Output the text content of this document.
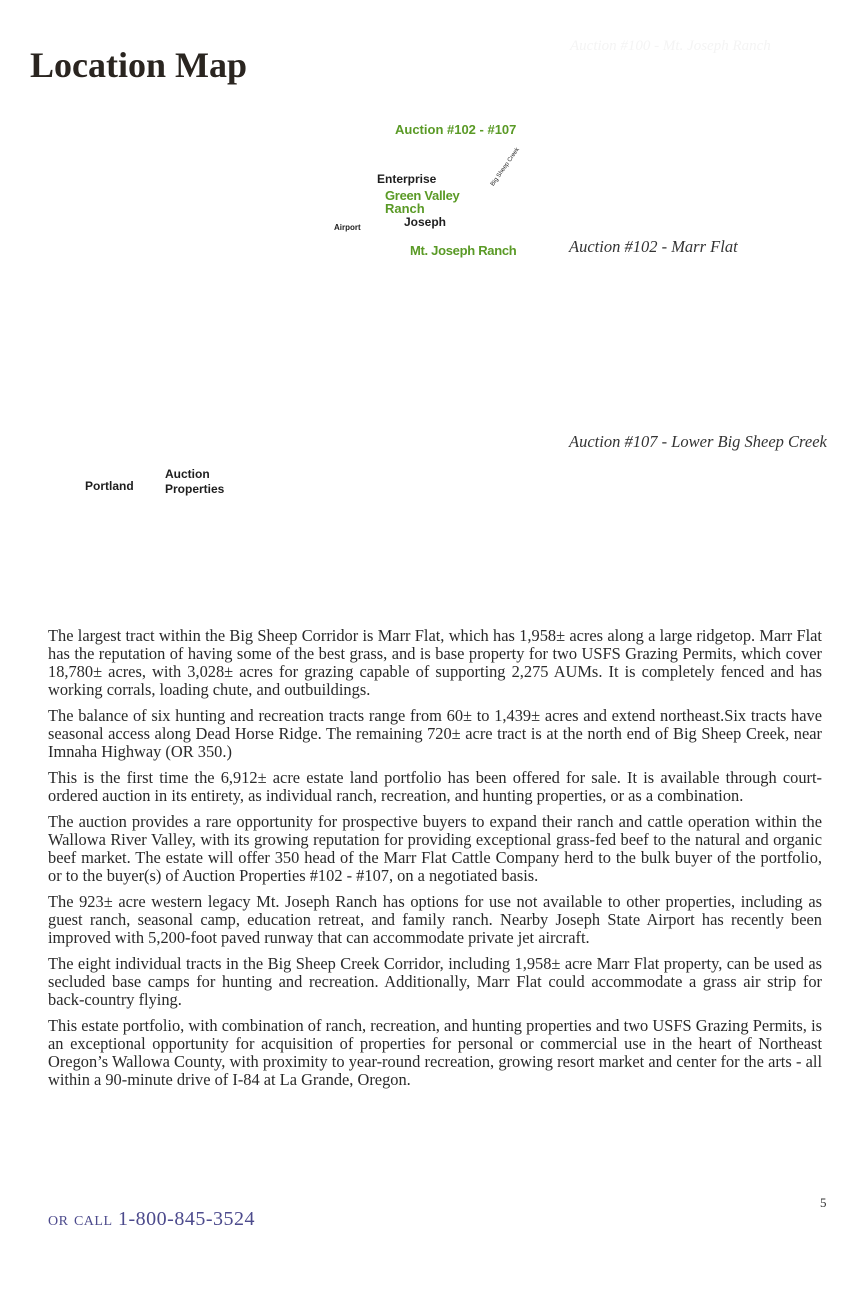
Location Map	Auction #100 - Mt. Joseph Ranch
Auction #102 - #107
Enterprise
Green Valley
Ranch
Joseph
Airport
Big Sheep Creek
Mt. Joseph Ranch
Portland
Auction
Properties
Auction #102 - Marr Flat
Auction #107 - Lower Big Sheep Creek

The largest tract within the Big Sheep Corridor is Marr Flat, which has 1,958± acres along a large ridgetop. Marr Flat has the reputation of having some of the best grass, and is base property for two USFS Grazing Permits, which cover 18,780± acres, with 3,028± acres for grazing capable of supporting 2,275 AUMs. It is completely fenced and has working corrals, loading chute, and outbuildings.

The balance of six hunting and recreation tracts range from 60± to 1,439± acres and extend northeast.Six tracts have seasonal access along Dead Horse Ridge. The remaining 720± acre tract is at the north end of Big Sheep Creek, near Imnaha Highway (OR 350.)

This is the first time the 6,912± acre estate land portfolio has been offered for sale. It is available through court-ordered auction in its entirety, as individual ranch, recreation, and hunting properties, or as a combination.

The auction provides a rare opportunity for prospective buyers to expand their ranch and cattle operation within the Wallowa River Valley, with its growing reputation for providing exceptional grass-fed beef to the natural and organic beef market. The estate will offer 350 head of the Marr Flat Cattle Company herd to the bulk buyer of the portfolio, or to the buyer(s) of Auction Properties #102 - #107, on a negotiated basis.

The 923± acre western legacy Mt. Joseph Ranch has options for use not available to other properties, including as guest ranch, seasonal camp, education retreat, and family ranch. Nearby Joseph State Airport has recently been improved with 5,200-foot paved runway that can accommodate private jet aircraft.

The eight individual tracts in the Big Sheep Creek Corridor, including 1,958± acre Marr Flat property, can be used as secluded base camps for hunting and recreation. Additionally, Marr Flat could accommodate a grass air strip for back-country flying.

This estate portfolio, with combination of ranch, recreation, and hunting properties and two USFS Grazing Permits, is an exceptional opportunity for acquisition of properties for personal or commercial use in the heart of Northeast Oregon’s Wallowa County, with proximity to year-round recreation, growing resort market and center for the arts - all within a 90-minute drive of I-84 at La Grande, Oregon.

5
or call 1-800-845-3524
